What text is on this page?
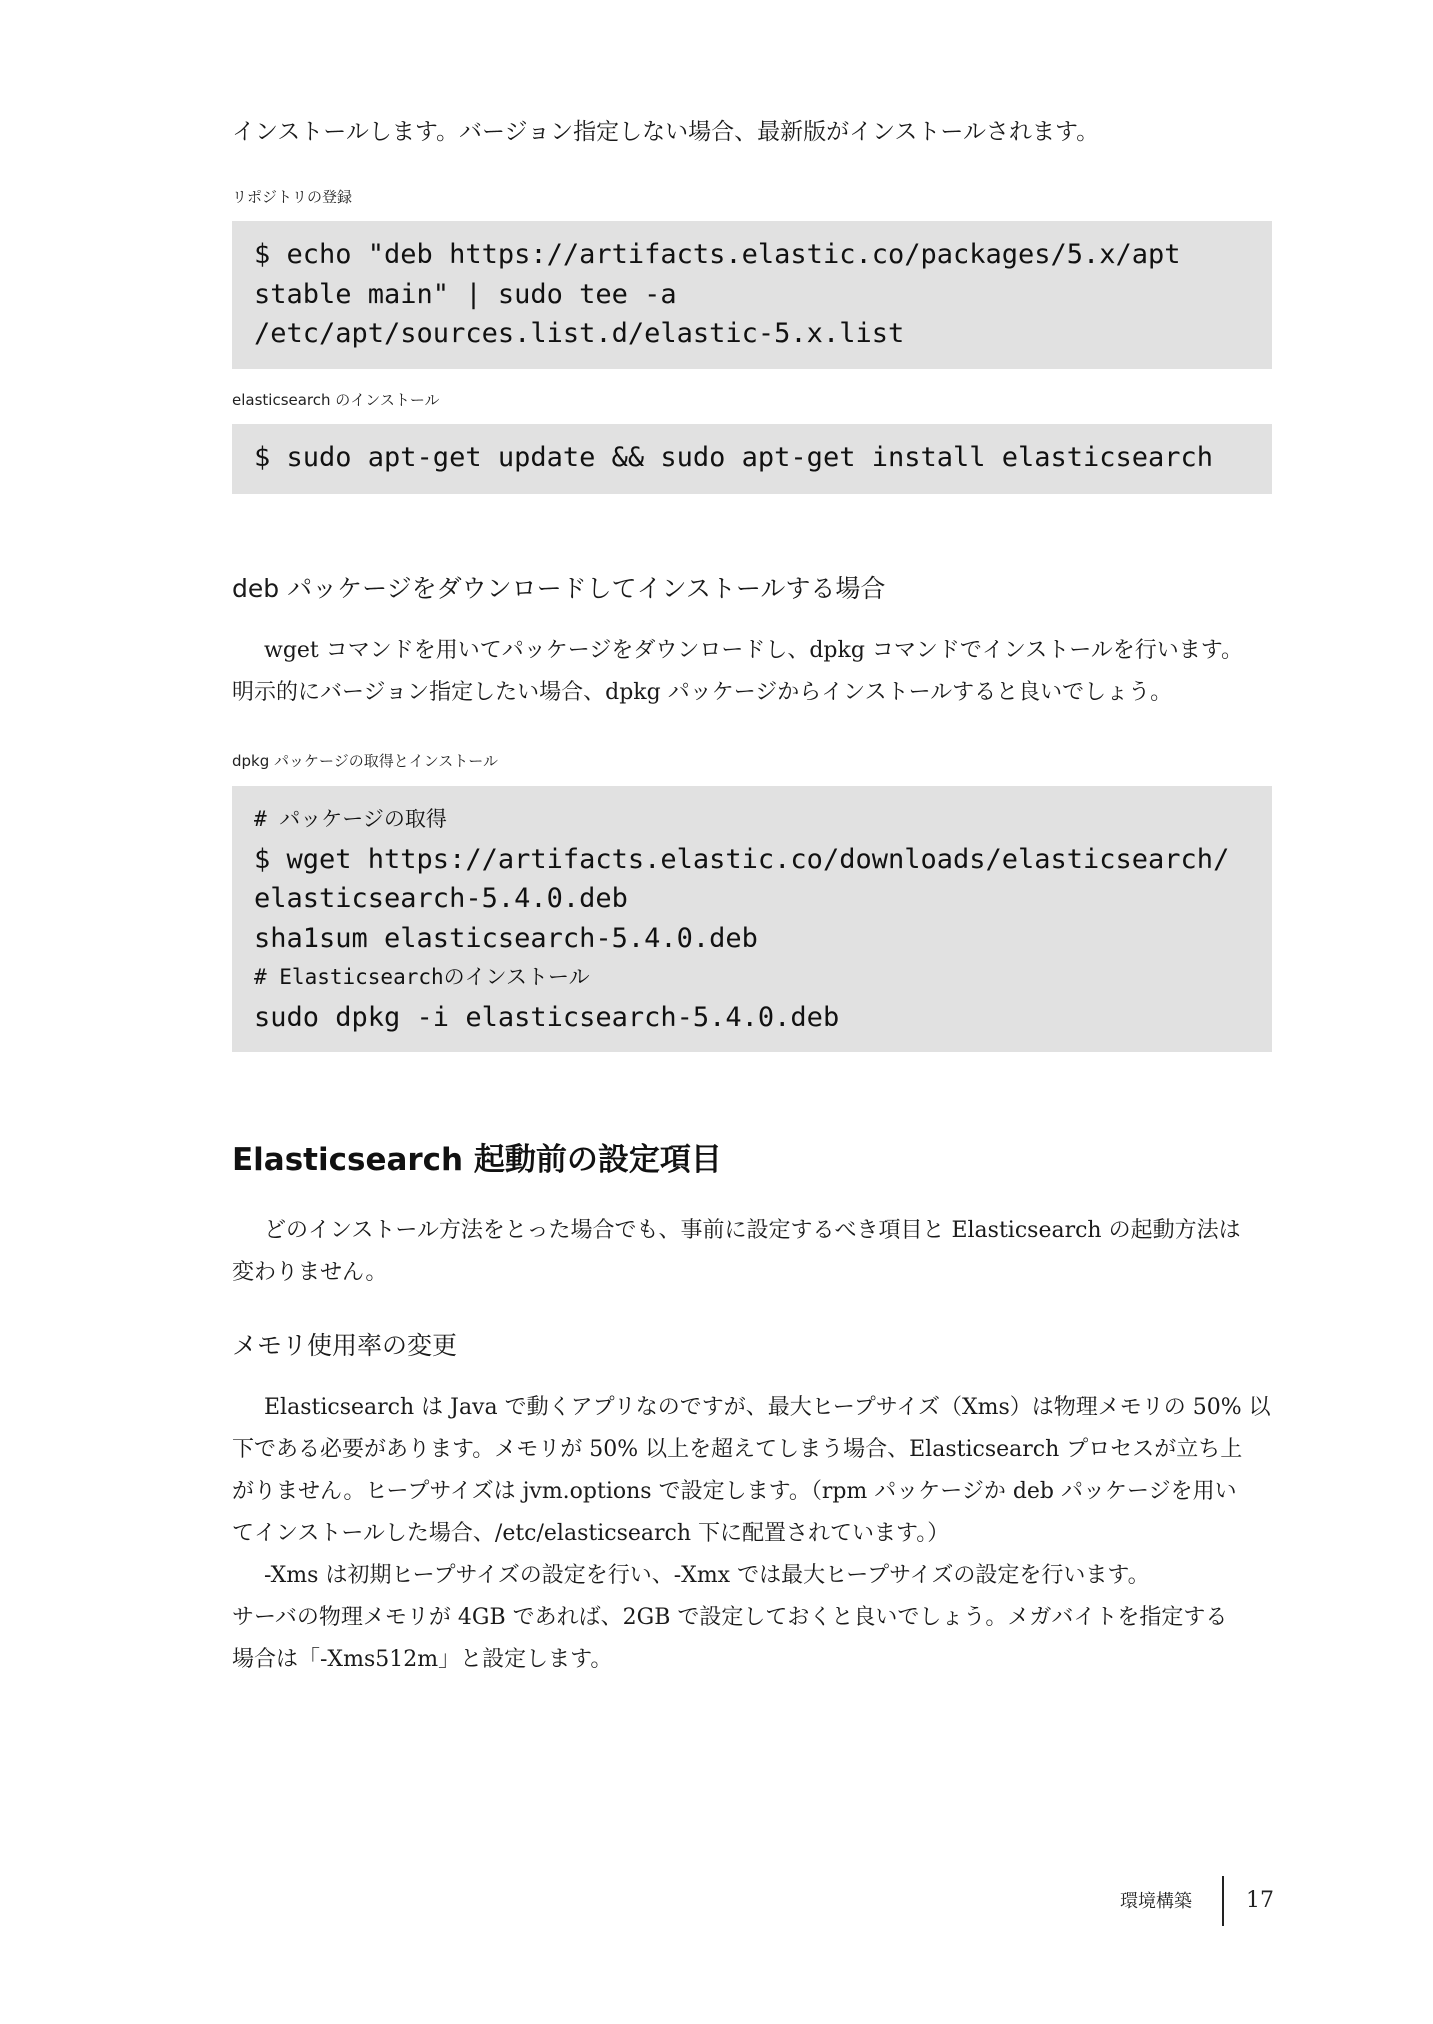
インストールします。バージョン指定しない場合、最新版がインストールされます。
リポジトリの登録
$ echo "deb https://artifacts.elastic.co/packages/5.x/apt
stable main" | sudo tee -a
/etc/apt/sources.list.d/elastic-5.x.list
elasticsearch のインストール
$ sudo apt-get update && sudo apt-get install elasticsearch
deb パッケージをダウンロードしてインストールする場合
wget コマンドを用いてパッケージをダウンロードし、dpkg コマンドでインストールを行います。
明示的にバージョン指定したい場合、dpkg パッケージからインストールすると良いでしょう。
dpkg パッケージの取得とインストール
# パッケージの取得
$ wget https://artifacts.elastic.co/downloads/elasticsearch/
elasticsearch-5.4.0.deb
sha1sum elasticsearch-5.4.0.deb
# Elasticsearchのインストール
sudo dpkg -i elasticsearch-5.4.0.deb
Elasticsearch 起動前の設定項目
どのインストール方法をとった場合でも、事前に設定するべき項目と Elasticsearch の起動方法は
変わりません。
メモリ使用率の変更
Elasticsearch は Java で動くアプリなのですが、最大ヒープサイズ（Xms）は物理メモリの 50% 以
下である必要があります。メモリが 50% 以上を超えてしまう場合、Elasticsearch プロセスが立ち上
がりません。ヒープサイズは jvm.options で設定します。（rpm パッケージか deb パッケージを用い
てインストールした場合、/etc/elasticsearch 下に配置されています。）
-Xms は初期ヒープサイズの設定を行い、-Xmx では最大ヒープサイズの設定を行います。
サーバの物理メモリが 4GB であれば、2GB で設定しておくと良いでしょう。メガバイトを指定する
場合は「-Xms512m」と設定します。
環境構築 17
